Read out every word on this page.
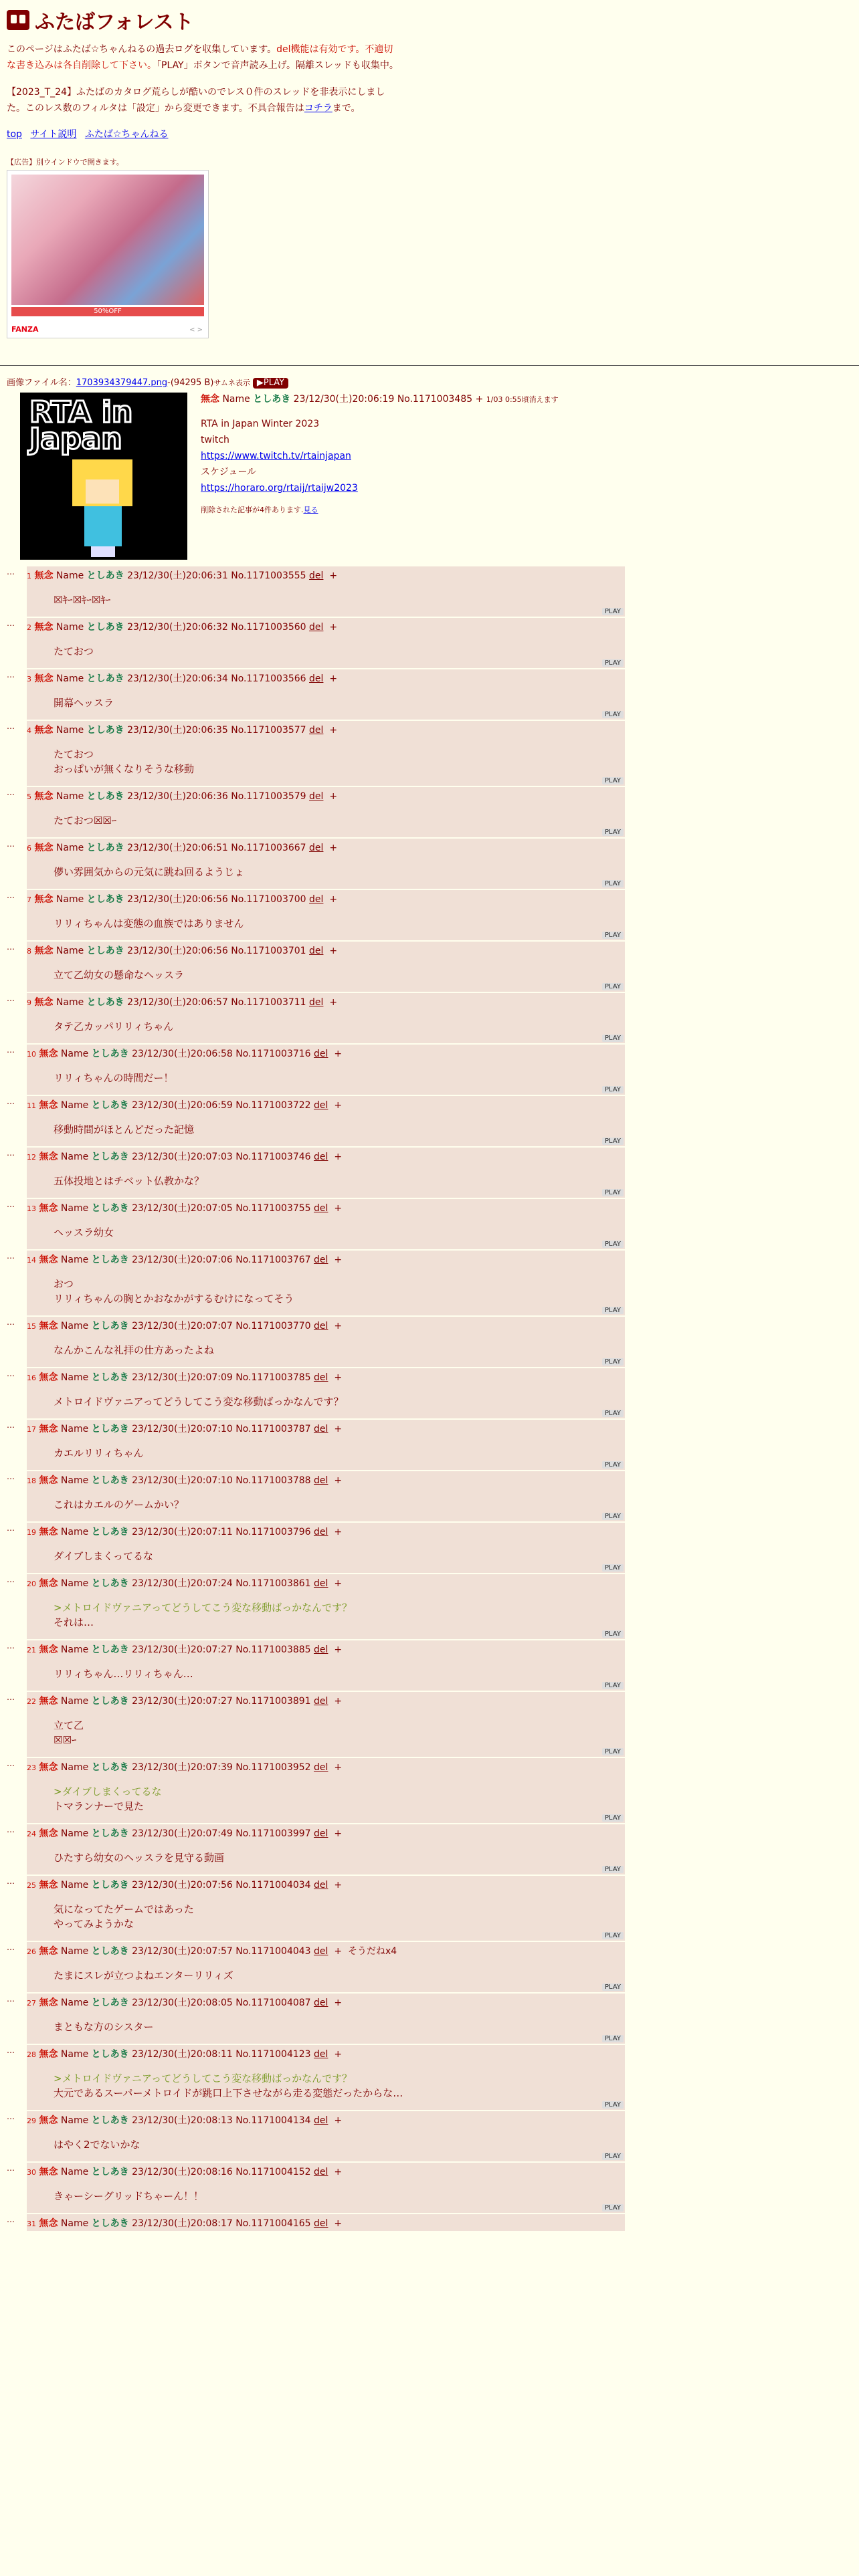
ふたばフォレスト
このページはふたば☆ちゃんねるの過去ログを収集しています。del機能は有効です。不適切な書き込みは各自削除して下さい。「PLAY」ボタンで音声読み上げ。隔離スレッドも収集中。
【2023_T_24】ふたばのカタログ荒らしが酷いのでレス０件のスレッドを非表示にしました。このレス数のフィルタは「設定」から変更できます。不具合報告はコチラまで。
top サイト説明 ふたば☆ちゃんねる
【広告】別ウインドウで開きます。
50%OFF
FANZA	< >
画像ファイル名：1703934379447.png-(94295 B)サムネ表示 ▶PLAY
RTA in Japan
無念 Name としあき 23/12/30(土)20:06:19 No.1171003485 + 1/03 0:55頃消えます
RTA in Japan Winter 2023
twitch
https://www.twitch.tv/rtainjapan
スケジュール
https://horaro.org/rtaij/rtaijw2023
削除された記事が4件あります.見る
⋯	1 無念 Name としあき 23/12/30(土)20:06:31 No.1171003555 del +
☒ｷｰ☒ｷｰ☒ｷｰ
PLAY
⋯	2 無念 Name としあき 23/12/30(土)20:06:32 No.1171003560 del +
たておつ
PLAY
⋯	3 無念 Name としあき 23/12/30(土)20:06:34 No.1171003566 del +
開幕ヘッスラ
PLAY
⋯	4 無念 Name としあき 23/12/30(土)20:06:35 No.1171003577 del +
たておつ
おっぱいが無くなりそうな移動
PLAY
⋯	5 無念 Name としあき 23/12/30(土)20:06:36 No.1171003579 del +
たておつ☒☒ｰ
PLAY
⋯	6 無念 Name としあき 23/12/30(土)20:06:51 No.1171003667 del +
儚い雰囲気からの元気に跳ね回るようじょ
PLAY
⋯	7 無念 Name としあき 23/12/30(土)20:06:56 No.1171003700 del +
リリィちゃんは変態の血族ではありません
PLAY
⋯	8 無念 Name としあき 23/12/30(土)20:06:56 No.1171003701 del +
立て乙幼女の懸命なヘッスラ
PLAY
⋯	9 無念 Name としあき 23/12/30(土)20:06:57 No.1171003711 del +
タテ乙カッパリリィちゃん
PLAY
⋯	10 無念 Name としあき 23/12/30(土)20:06:58 No.1171003716 del +
リリィちゃんの時間だー！
PLAY
⋯	11 無念 Name としあき 23/12/30(土)20:06:59 No.1171003722 del +
移動時間がほとんどだった記憶
PLAY
⋯	12 無念 Name としあき 23/12/30(土)20:07:03 No.1171003746 del +
五体投地とはチベット仏教かな？
PLAY
⋯	13 無念 Name としあき 23/12/30(土)20:07:05 No.1171003755 del +
ヘッスラ幼女
PLAY
⋯	14 無念 Name としあき 23/12/30(土)20:07:06 No.1171003767 del +
おつ
リリィちゃんの胸とかおなかがするむけになってそう
PLAY
⋯	15 無念 Name としあき 23/12/30(土)20:07:07 No.1171003770 del +
なんかこんな礼拝の仕方あったよね
PLAY
⋯	16 無念 Name としあき 23/12/30(土)20:07:09 No.1171003785 del +
メトロイドヴァニアってどうしてこう変な移動ばっかなんです？
PLAY
⋯	17 無念 Name としあき 23/12/30(土)20:07:10 No.1171003787 del +
カエルリリィちゃん
PLAY
⋯	18 無念 Name としあき 23/12/30(土)20:07:10 No.1171003788 del +
これはカエルのゲームかい？
PLAY
⋯	19 無念 Name としあき 23/12/30(土)20:07:11 No.1171003796 del +
ダイブしまくってるな
PLAY
⋯	20 無念 Name としあき 23/12/30(土)20:07:24 No.1171003861 del +
>メトロイドヴァニアってどうしてこう変な移動ばっかなんです？
それは…
PLAY
⋯	21 無念 Name としあき 23/12/30(土)20:07:27 No.1171003885 del +
リリィちゃん…リリィちゃん…
PLAY
⋯	22 無念 Name としあき 23/12/30(土)20:07:27 No.1171003891 del +
立て乙
☒☒ｰ
PLAY
⋯	23 無念 Name としあき 23/12/30(土)20:07:39 No.1171003952 del +
>ダイブしまくってるな
トマランナーで見た
PLAY
⋯	24 無念 Name としあき 23/12/30(土)20:07:49 No.1171003997 del +
ひたすら幼女のヘッスラを見守る動画
PLAY
⋯	25 無念 Name としあき 23/12/30(土)20:07:56 No.1171004034 del +
気になってたゲームではあった
やってみようかな
PLAY
⋯	26 無念 Name としあき 23/12/30(土)20:07:57 No.1171004043 del + そうだねx4
たまにスレが立つよねエンターリリィズ
PLAY
⋯	27 無念 Name としあき 23/12/30(土)20:08:05 No.1171004087 del +
まともな方のシスター
PLAY
⋯	28 無念 Name としあき 23/12/30(土)20:08:11 No.1171004123 del +
>メトロイドヴァニアってどうしてこう変な移動ばっかなんです？
大元であるスーパーメトロイドが跳口上下させながら走る変態だったからな…
PLAY
⋯	29 無念 Name としあき 23/12/30(土)20:08:13 No.1171004134 del +
はやく2でないかな
PLAY
⋯	30 無念 Name としあき 23/12/30(土)20:08:16 No.1171004152 del +
きゃーシーグリッドちゃーん！！
PLAY
⋯	31 無念 Name としあき 23/12/30(土)20:08:17 No.1171004165 del +
